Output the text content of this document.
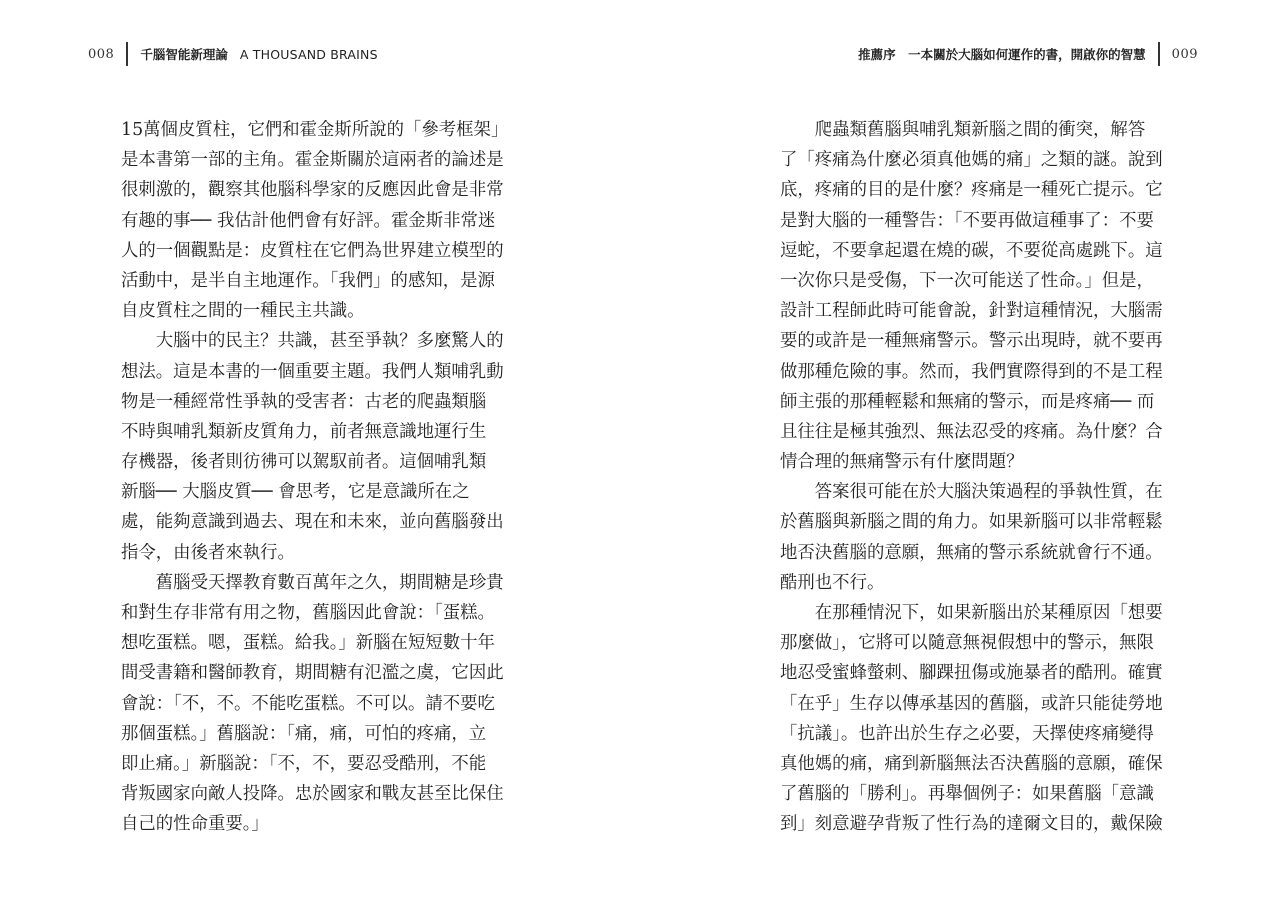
008 千腦智能新理論 A THOUSAND BRAINS
15萬個皮質柱，它們和霍金斯所說的「參考框架」
是本書第一部的主角。霍金斯關於這兩者的論述是
很刺激的，觀察其他腦科學家的反應因此會是非常
有趣的事── 我估計他們會有好評。霍金斯非常迷
人的一個觀點是：皮質柱在它們為世界建立模型的
活動中，是半自主地運作。「我們」的感知，是源
自皮質柱之間的一種民主共識。
　　大腦中的民主？共識，甚至爭執？多麼驚人的
想法。這是本書的一個重要主題。我們人類哺乳動
物是一種經常性爭執的受害者：古老的爬蟲類腦
不時與哺乳類新皮質角力，前者無意識地運行生
存機器，後者則彷彿可以駕馭前者。這個哺乳類
新腦── 大腦皮質── 會思考，它是意識所在之
處，能夠意識到過去、現在和未來，並向舊腦發出
指令，由後者來執行。
　　舊腦受天擇教育數百萬年之久，期間糖是珍貴
和對生存非常有用之物，舊腦因此會說：「蛋糕。
想吃蛋糕。嗯，蛋糕。給我。」新腦在短短數十年
間受書籍和醫師教育，期間糖有氾濫之虞，它因此
會說：「不，不。不能吃蛋糕。不可以。請不要吃
那個蛋糕。」舊腦說：「痛，痛，可怕的疼痛，立
即止痛。」新腦說：「不，不，要忍受酷刑，不能
背叛國家向敵人投降。忠於國家和戰友甚至比保住
自己的性命重要。」
推薦序　一本關於大腦如何運作的書，開啟你的智慧 009
　　爬蟲類舊腦與哺乳類新腦之間的衝突，解答
了「疼痛為什麼必須真他媽的痛」之類的謎。說到
底，疼痛的目的是什麼？疼痛是一種死亡提示。它
是對大腦的一種警告：「不要再做這種事了：不要
逗蛇，不要拿起還在燒的碳，不要從高處跳下。這
一次你只是受傷，下一次可能送了性命。」但是，
設計工程師此時可能會說，針對這種情況，大腦需
要的或許是一種無痛警示。警示出現時，就不要再
做那種危險的事。然而，我們實際得到的不是工程
師主張的那種輕鬆和無痛的警示，而是疼痛── 而
且往往是極其強烈、無法忍受的疼痛。為什麼？合
情合理的無痛警示有什麼問題？
　　答案很可能在於大腦決策過程的爭執性質，在
於舊腦與新腦之間的角力。如果新腦可以非常輕鬆
地否決舊腦的意願，無痛的警示系統就會行不通。
酷刑也不行。
　　在那種情況下，如果新腦出於某種原因「想要
那麼做」，它將可以隨意無視假想中的警示，無限
地忍受蜜蜂螫刺、腳踝扭傷或施暴者的酷刑。確實
「在乎」生存以傳承基因的舊腦，或許只能徒勞地
「抗議」。也許出於生存之必要，天擇使疼痛變得
真他媽的痛，痛到新腦無法否決舊腦的意願，確保
了舊腦的「勝利」。再舉個例子：如果舊腦「意識
到」刻意避孕背叛了性行為的達爾文目的，戴保險
